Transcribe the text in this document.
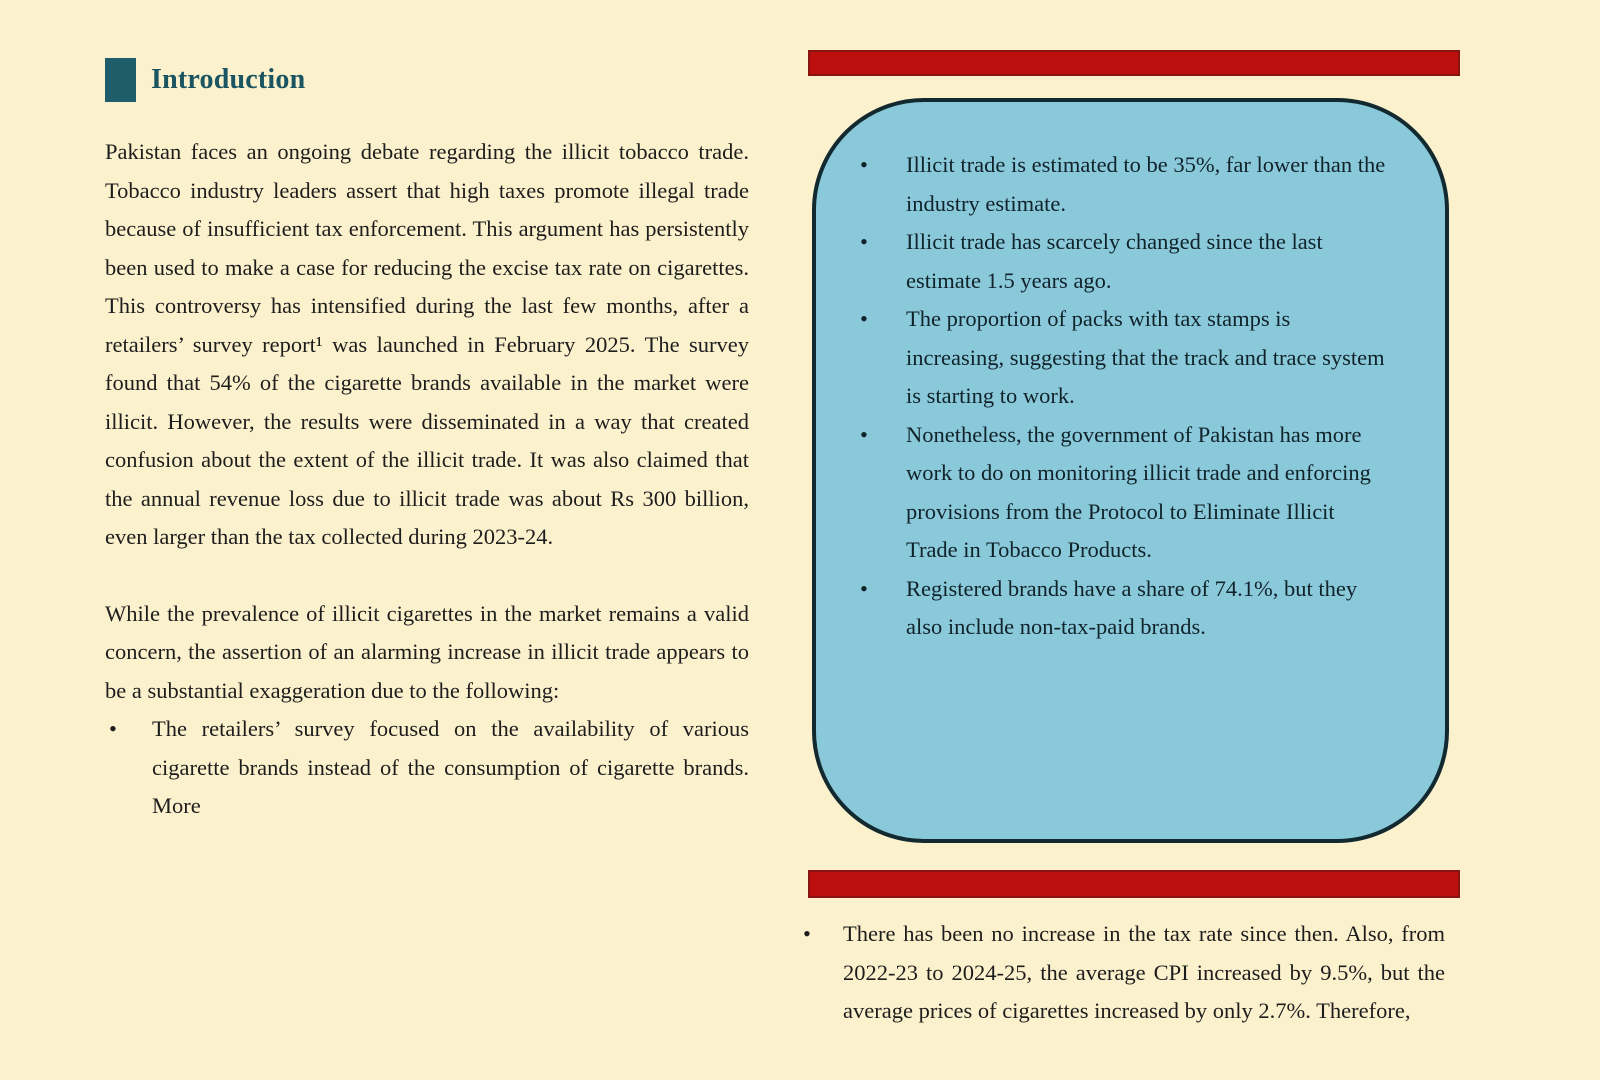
Introduction

Pakistan faces an ongoing debate regarding the illicit tobacco trade. Tobacco industry leaders assert that high taxes promote illegal trade because of insufficient tax enforcement. This argument has persistently been used to make a case for reducing the excise tax rate on cigarettes. This controversy has intensified during the last few months, after a retailers’ survey report¹ was launched in February 2025. The survey found that 54% of the cigarette brands available in the market were illicit. However, the results were disseminated in a way that created confusion about the extent of the illicit trade. It was also claimed that the annual revenue loss due to illicit trade was about Rs 300 billion, even larger than the tax collected during 2023-24.

While the prevalence of illicit cigarettes in the market remains a valid concern, the assertion of an alarming increase in illicit trade appears to be a substantial exaggeration due to the following:

•	The retailers’ survey focused on the availability of various cigarette brands instead of the consumption of cigarette brands. More
•	Illicit trade is estimated to be 35%, far lower than the industry estimate.
•	Illicit trade has scarcely changed since the last estimate 1.5 years ago.
•	The proportion of packs with tax stamps is increasing, suggesting that the track and trace system is starting to work.
•	Nonetheless, the government of Pakistan has more work to do on monitoring illicit trade and enforcing provisions from the Protocol to Eliminate Illicit Trade in Tobacco Products.
•	Registered brands have a share of 74.1%, but they also include non-tax-paid brands.
•	There has been no increase in the tax rate since then. Also, from 2022-23 to 2024-25, the average CPI increased by 9.5%, but the average prices of cigarettes increased by only 2.7%. Therefore,
